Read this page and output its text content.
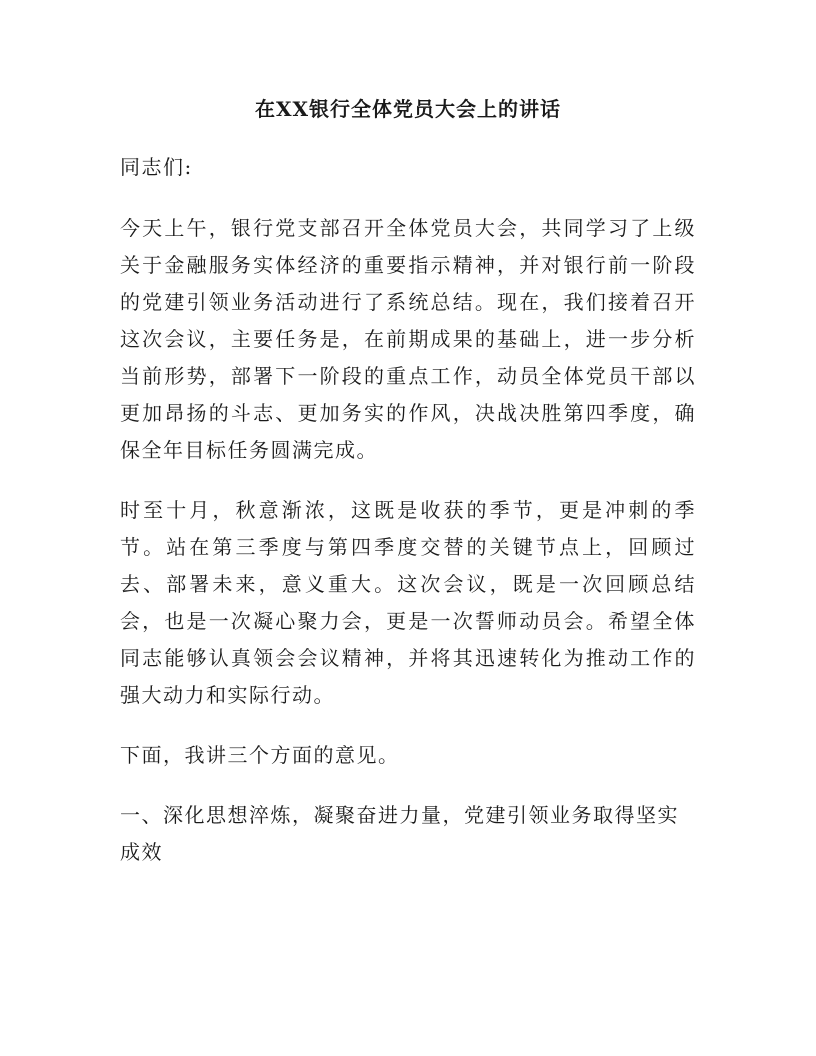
在XX银行全体党员大会上的讲话

同志们:

今天上午，银行党支部召开全体党员大会，共同学习了上级关于金融服务实体经济的重要指示精神，并对银行前一阶段的党建引领业务活动进行了系统总结。现在，我们接着召开这次会议，主要任务是，在前期成果的基础上，进一步分析当前形势，部署下一阶段的重点工作，动员全体党员干部以更加昂扬的斗志、更加务实的作风，决战决胜第四季度，确保全年目标任务圆满完成。

时至十月，秋意渐浓，这既是收获的季节，更是冲刺的季节。站在第三季度与第四季度交替的关键节点上，回顾过去、部署未来，意义重大。这次会议，既是一次回顾总结会，也是一次凝心聚力会，更是一次誓师动员会。希望全体同志能够认真领会会议精神，并将其迅速转化为推动工作的强大动力和实际行动。

下面，我讲三个方面的意见。

一、深化思想淬炼，凝聚奋进力量，党建引领业务取得坚实成效
